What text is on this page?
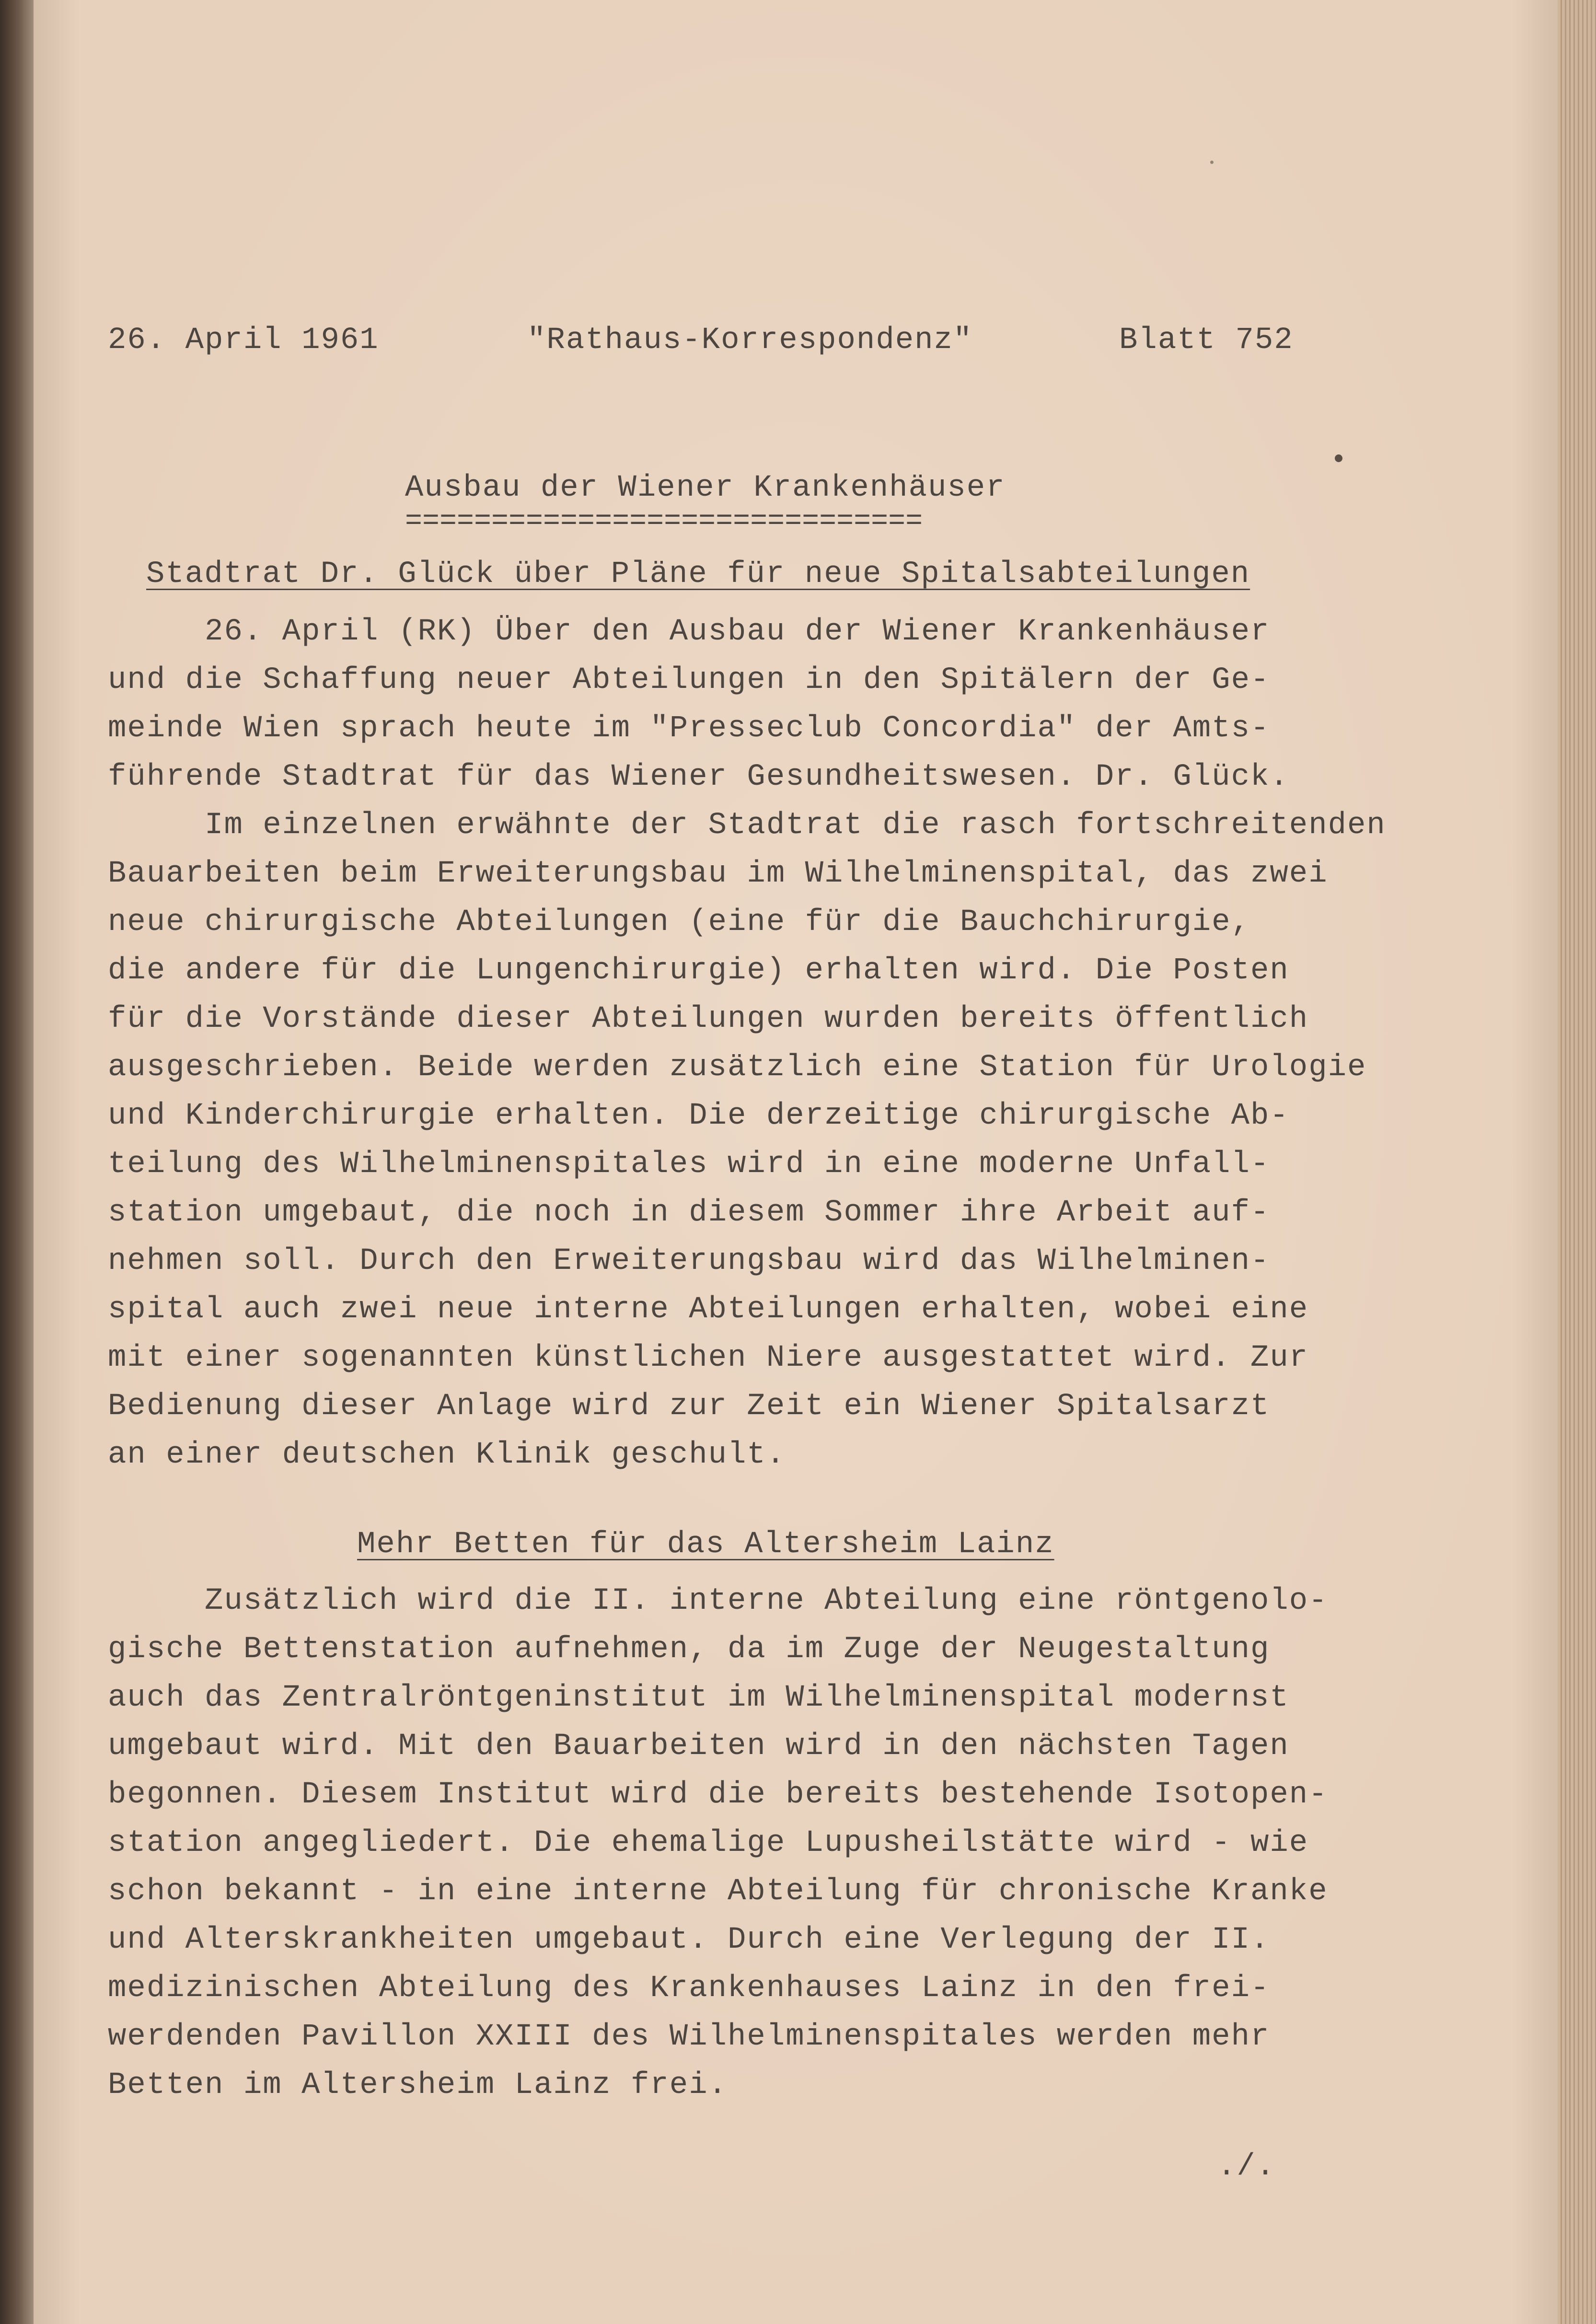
26. April 1961	"Rathaus-Korrespondenz"	Blatt 752
Ausbau der Wiener Krankenhäuser
==============================
Stadtrat Dr. Glück über Pläne für neue Spitalsabteilungen
26. April (RK) Über den Ausbau der Wiener Krankenhäuser
und die Schaffung neuer Abteilungen in den Spitälern der Ge-
meinde Wien sprach heute im "Presseclub Concordia" der Amts-
führende Stadtrat für das Wiener Gesundheitswesen. Dr. Glück.
Im einzelnen erwähnte der Stadtrat die rasch fortschreitenden
Bauarbeiten beim Erweiterungsbau im Wilhelminenspital, das zwei
neue chirurgische Abteilungen (eine für die Bauchchirurgie,
die andere für die Lungenchirurgie) erhalten wird. Die Posten
für die Vorstände dieser Abteilungen wurden bereits öffentlich
ausgeschrieben. Beide werden zusätzlich eine Station für Urologie
und Kinderchirurgie erhalten. Die derzeitige chirurgische Ab-
teilung des Wilhelminenspitales wird in eine moderne Unfall-
station umgebaut, die noch in diesem Sommer ihre Arbeit auf-
nehmen soll. Durch den Erweiterungsbau wird das Wilhelminen-
spital auch zwei neue interne Abteilungen erhalten, wobei eine
mit einer sogenannten künstlichen Niere ausgestattet wird. Zur
Bedienung dieser Anlage wird zur Zeit ein Wiener Spitalsarzt
an einer deutschen Klinik geschult.
Mehr Betten für das Altersheim Lainz
Zusätzlich wird die II. interne Abteilung eine röntgenolo-
gische Bettenstation aufnehmen, da im Zuge der Neugestaltung
auch das Zentralröntgeninstitut im Wilhelminenspital modernst
umgebaut wird. Mit den Bauarbeiten wird in den nächsten Tagen
begonnen. Diesem Institut wird die bereits bestehende Isotopen-
station angegliedert. Die ehemalige Lupusheilstätte wird - wie
schon bekannt - in eine interne Abteilung für chronische Kranke
und Alterskrankheiten umgebaut. Durch eine Verlegung der II.
medizinischen Abteilung des Krankenhauses Lainz in den frei-
werdenden Pavillon XXIII des Wilhelminenspitales werden mehr
Betten im Altersheim Lainz frei.
./.
